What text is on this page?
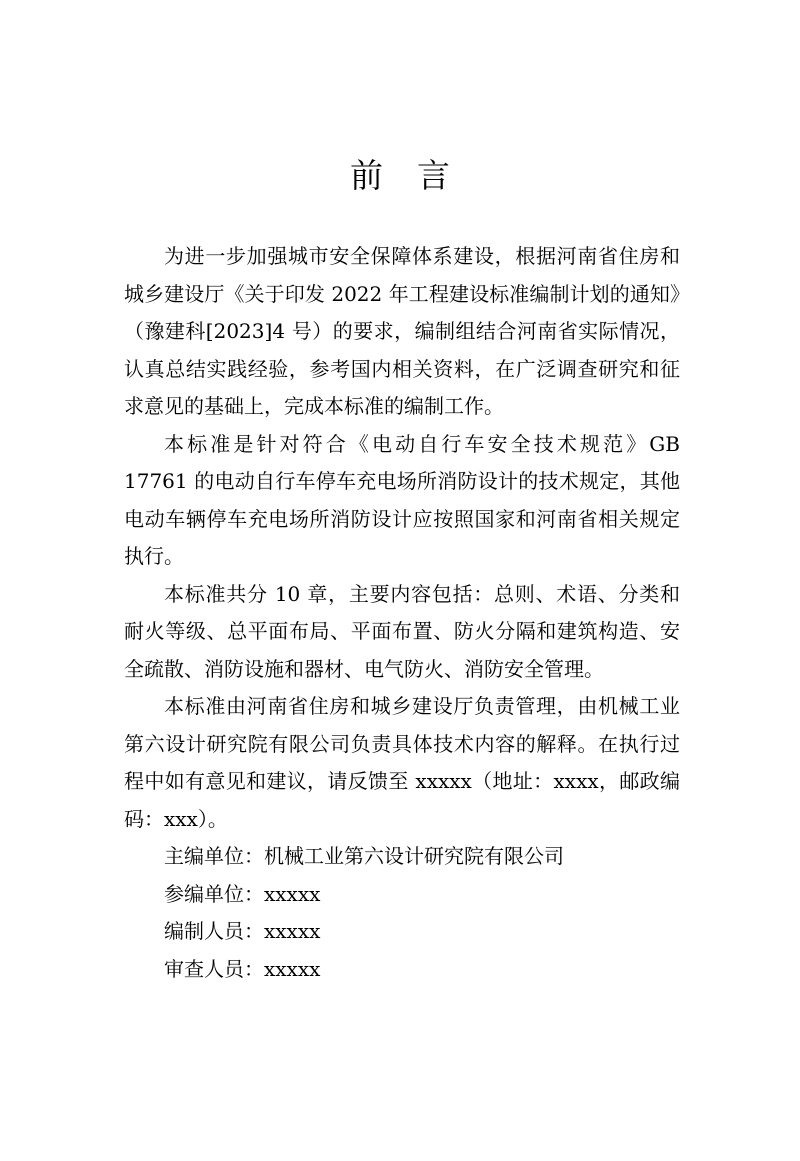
前言

为进一步加强城市安全保障体系建设，根据河南省住房和城乡建设厅《关于印发 2022 年工程建设标准编制计划的通知》（豫建科[2023]4 号）的要求，编制组结合河南省实际情况，认真总结实践经验，参考国内相关资料，在广泛调查研究和征求意见的基础上，完成本标准的编制工作。

本标准是针对符合《电动自行车安全技术规范》GB 17761 的电动自行车停车充电场所消防设计的技术规定，其他电动车辆停车充电场所消防设计应按照国家和河南省相关规定执行。

本标准共分 10 章，主要内容包括：总则、术语、分类和耐火等级、总平面布局、平面布置、防火分隔和建筑构造、安全疏散、消防设施和器材、电气防火、消防安全管理。

本标准由河南省住房和城乡建设厅负责管理，由机械工业第六设计研究院有限公司负责具体技术内容的解释。在执行过程中如有意见和建议，请反馈至 xxxxx（地址：xxxx，邮政编码：xxx）。

主编单位：机械工业第六设计研究院有限公司

参编单位：xxxxx

编制人员：xxxxx

审查人员：xxxxx
